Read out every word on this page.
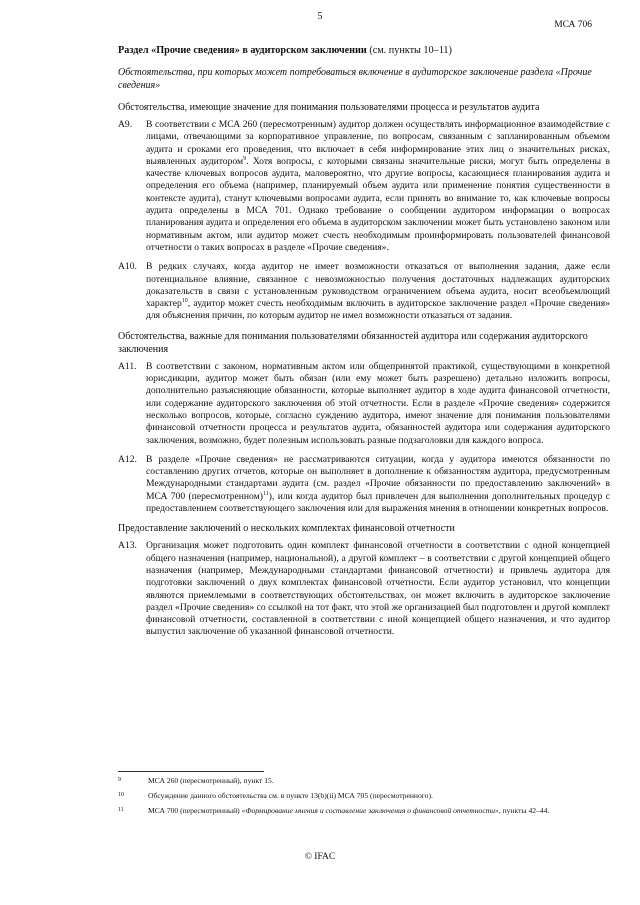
5
МСА 706

Раздел «Прочие сведения» в аудиторском заключении (см. пункты 10–11)

Обстоятельства, при которых может потребоваться включение в аудиторское заключение раздела «Прочие сведения»

Обстоятельства, имеющие значение для понимания пользователями процесса и результатов аудита

A9. В соответствии с МСА 260 (пересмотренным) аудитор должен осуществлять информационное взаимодействие с лицами, отвечающими за корпоративное управление, по вопросам, связанным с запланированным объемом аудита и сроками его проведения, что включает в себя информирование этих лиц о значительных рисках, выявленных аудитором$^9$. Хотя вопросы, с которыми связаны значительные риски, могут быть определены в качестве ключевых вопросов аудита, маловероятно, что другие вопросы, касающиеся планирования аудита и определения его объема (например, планируемый объем аудита или применение понятия существенности в контексте аудита), станут ключевыми вопросами аудита, если принять во внимание то, как ключевые вопросы аудита определены в МСА 701. Однако требование о сообщении аудитором информации о вопросах планирования аудита и определения его объема в аудиторском заключении может быть установлено законом или нормативным актом, или аудитор может счесть необходимым проинформировать пользователей финансовой отчетности о таких вопросах в разделе «Прочие сведения».
A10. В редких случаях, когда аудитор не имеет возможности отказаться от выполнения задания, даже если потенциальное влияние, связанное с невозможностью получения достаточных надлежащих аудиторских доказательств в связи с установленным руководством ограничением объема аудита, носит всеобъемлющий характер$^{10}$, аудитор может счесть необходимым включить в аудиторское заключение раздел «Прочие сведения» для объяснения причин, по которым аудитор не имел возможности отказаться от задания.

Обстоятельства, важные для понимания пользователями обязанностей аудитора или содержания аудиторского заключения

A11. В соответствии с законом, нормативным актом или общепринятой практикой, существующими в конкретной юрисдикции, аудитор может быть обязан (или ему может быть разрешено) детально изложить вопросы, дополнительно разъясняющие обязанности, которые выполняет аудитор в ходе аудита финансовой отчетности, или содержание аудиторского заключения об этой отчетности. Если в разделе «Прочие сведения» содержится несколько вопросов, которые, согласно суждению аудитора, имеют значение для понимания пользователями финансовой отчетности процесса и результатов аудита, обязанностей аудитора или содержания аудиторского заключения, возможно, будет полезным использовать разные подзаголовки для каждого вопроса.
A12. В разделе «Прочие сведения» не рассматриваются ситуации, когда у аудитора имеются обязанности по составлению других отчетов, которые он выполняет в дополнение к обязанностям аудитора, предусмотренным Международными стандартами аудита (см. раздел «Прочие обязанности по предоставлению заключений» в МСА 700 (пересмотренном)$^{11}$), или когда аудитор был привлечен для выполнения дополнительных процедур с предоставлением соответствующего заключения или для выражения мнения в отношении конкретных вопросов.

Предоставление заключений о нескольких комплектах финансовой отчетности

A13. Организация может подготовить один комплект финансовой отчетности в соответствии с одной концепцией общего назначения (например, национальной), а другой комплект – в соответствии с другой концепцией общего назначения (например, Международными стандартами финансовой отчетности) и привлечь аудитора для подготовки заключений о двух комплектах финансовой отчетности. Если аудитор установил, что концепции являются приемлемыми в соответствующих обстоятельствах, он может включить в аудиторское заключение раздел «Прочие сведения» со ссылкой на тот факт, что этой же организацией был подготовлен и другой комплект финансовой отчетности, составленной в соответствии с иной концепцией общего назначения, и что аудитор выпустил заключение об указанной финансовой отчетности.
9	МСА 260 (пересмотренный), пункт 15.
10	Обсуждение данного обстоятельства см. в пункте 13(b)(ii) МСА 705 (пересмотренного).
11	МСА 700 (пересмотренный) «Формирование мнения и составление заключения о финансовой отчетности», пункты 42–44.
© IFAC
